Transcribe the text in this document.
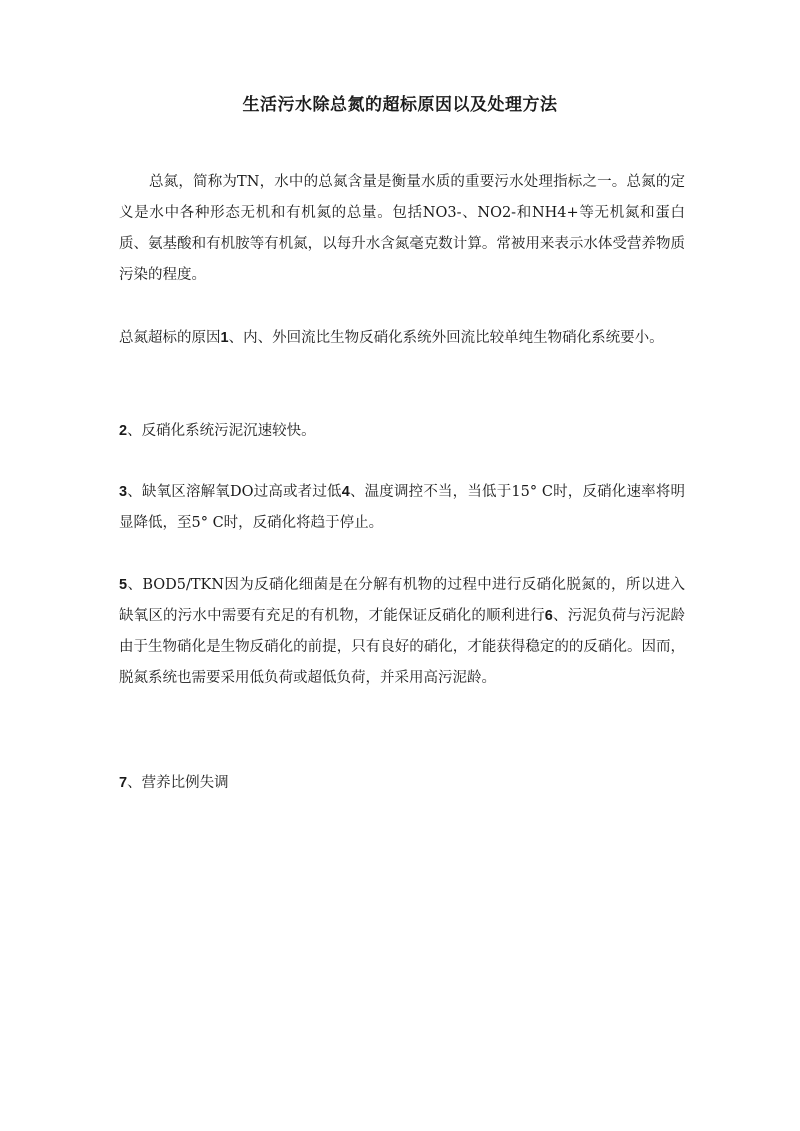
生活污水除总氮的超标原因以及处理方法

总氮，简称为TN，水中的总氮含量是衡量水质的重要污水处理指标之一。总氮的定义是水中各种形态无机和有机氮的总量。包括NO3-、NO2-和NH4+等无机氮和蛋白质、氨基酸和有机胺等有机氮，以每升水含氮毫克数计算。常被用来表示水体受营养物质污染的程度。

总氮超标的原因1、内、外回流比生物反硝化系统外回流比较单纯生物硝化系统要小。

2、反硝化系统污泥沉速较快。

3、缺氧区溶解氧DO过高或者过低4、温度调控不当，当低于15° C时，反硝化速率将明显降低，至5° C时，反硝化将趋于停止。

5、BOD5/TKN因为反硝化细菌是在分解有机物的过程中进行反硝化脱氮的，所以进入缺氧区的污水中需要有充足的有机物，才能保证反硝化的顺利进行6、污泥负荷与污泥龄由于生物硝化是生物反硝化的前提，只有良好的硝化，才能获得稳定的的反硝化。因而，脱氮系统也需要采用低负荷或超低负荷，并采用高污泥龄。

7、营养比例失调
